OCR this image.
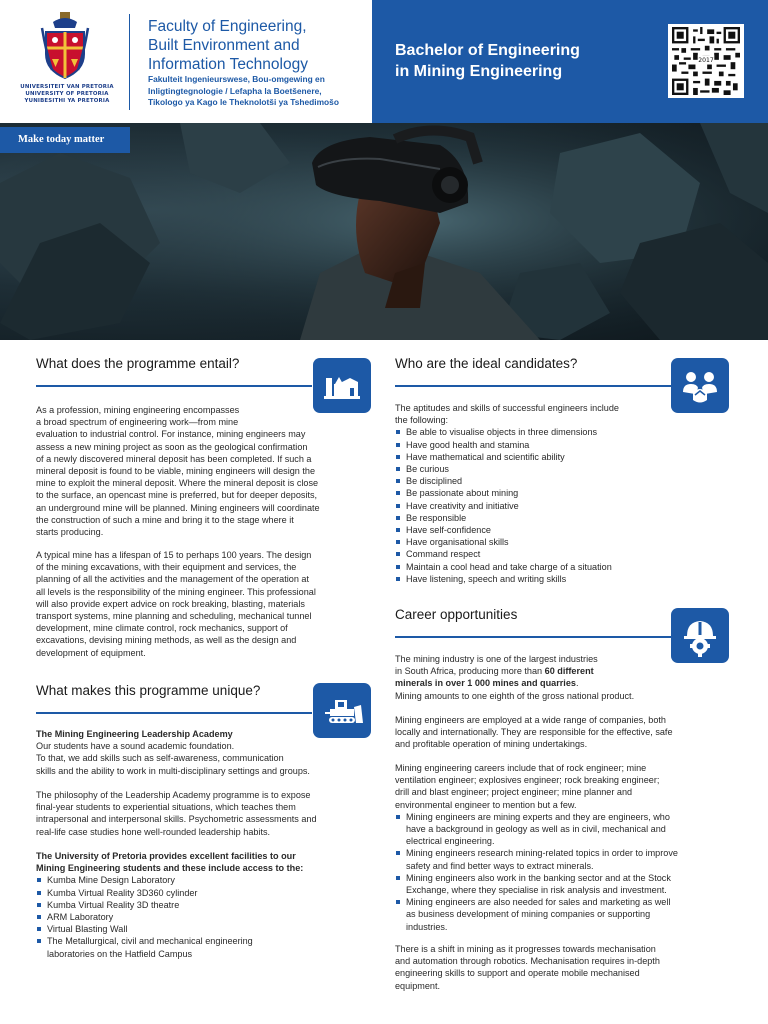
UNIVERSITEIT VAN PRETORIA
UNIVERSITY OF PRETORIA
YUNIBESITHI YA PRETORIA
Faculty of Engineering,
Built Environment and
Information Technology
Fakulteit Ingenieurswese, Bou-omgewing en
Inligtingtegnologie / Lefapha la Boetšenere,
Tikologo ya Kago le Theknolotši ya Tshedimošo
Bachelor of Engineering
in Mining Engineering
2017
Make today matter
What does the programme entail?
As a profession, mining engineering encompasses
a broad spectrum of engineering work—from mine
evaluation to industrial control. For instance, mining engineers may
assess a new mining project as soon as the geological confirmation
of a newly discovered mineral deposit has been completed. If such a
mineral deposit is found to be viable, mining engineers will design the
mine to exploit the mineral deposit. Where the mineral deposit is close
to the surface, an opencast mine is preferred, but for deeper deposits,
an underground mine will be planned. Mining engineers will coordinate
the construction of such a mine and bring it to the stage where it
starts producing.
A typical mine has a lifespan of 15 to perhaps 100 years. The design
of the mining excavations, with their equipment and services, the
planning of all the activities and the management of the operation at
all levels is the responsibility of the mining engineer. This professional
will also provide expert advice on rock breaking, blasting, materials
transport systems, mine planning and scheduling, mechanical tunnel
development, mine climate control, rock mechanics, support of
excavations, devising mining methods, as well as the design and
development of equipment.
What makes this programme unique?
The Mining Engineering Leadership Academy
Our students have a sound academic foundation.
To that, we add skills such as self-awareness, communication
skills and the ability to work in multi-disciplinary settings and groups.
The philosophy of the Leadership Academy programme is to expose
final-year students to experiential situations, which teaches them
intrapersonal and interpersonal skills. Psychometric assessments and
real-life case studies hone well-rounded leadership habits.
The University of Pretoria provides excellent facilities to our
Mining Engineering students and these include access to the:
Kumba Mine Design Laboratory
Kumba Virtual Reality 3D360 cylinder
Kumba Virtual Reality 3D theatre
ARM Laboratory
Virtual Blasting Wall
The Metallurgical, civil and mechanical engineering
laboratories on the Hatfield Campus
Who are the ideal candidates?
The aptitudes and skills of successful engineers include
the following:
Be able to visualise objects in three dimensions
Have good health and stamina
Have mathematical and scientific ability
Be curious
Be disciplined
Be passionate about mining
Have creativity and initiative
Be responsible
Have self-confidence
Have organisational skills
Command respect
Maintain a cool head and take charge of a situation
Have listening, speech and writing skills
Career opportunities
The mining industry is one of the largest industries
in South Africa, producing more than 60 different
minerals in over 1 000 mines and quarries.
Mining amounts to one eighth of the gross national product.
Mining engineers are employed at a wide range of companies, both
locally and internationally. They are responsible for the effective, safe
and profitable operation of mining undertakings.
Mining engineering careers include that of rock engineer; mine
ventilation engineer; explosives engineer; rock breaking engineer;
drill and blast engineer; project engineer; mine planner and
environmental engineer to mention but a few.
Mining engineers are mining experts and they are engineers, who
have a background in geology as well as in civil, mechanical and
electrical engineering.
Mining engineers research mining-related topics in order to improve
safety and find better ways to extract minerals.
Mining engineers also work in the banking sector and at the Stock
Exchange, where they specialise in risk analysis and investment.
Mining engineers are also needed for sales and marketing as well
as business development of mining companies or supporting
industries.
There is a shift in mining as it progresses towards mechanisation
and automation through robotics. Mechanisation requires in-depth
engineering skills to support and operate mobile mechanised
equipment.
